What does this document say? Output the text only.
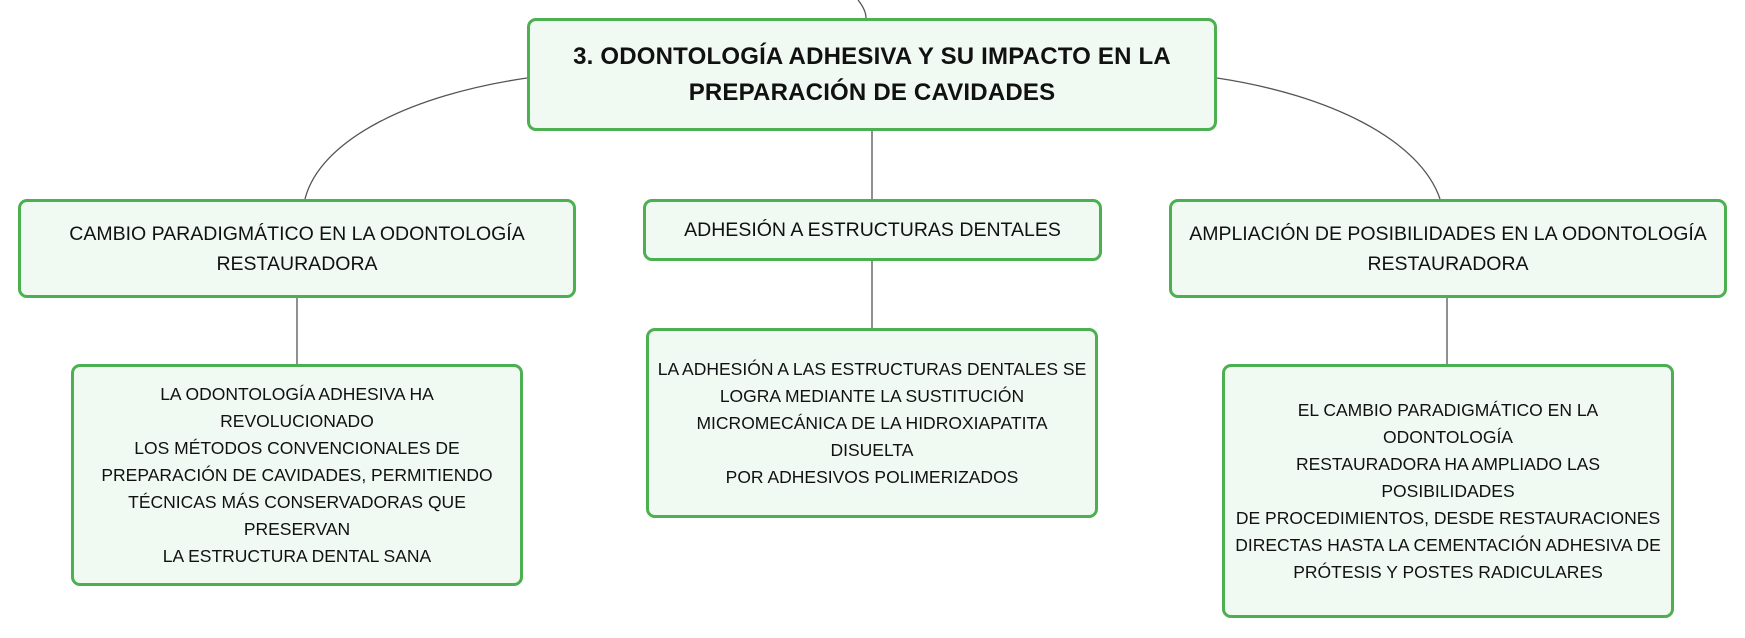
3. ODONTOLOGÍA ADHESIVA Y SU IMPACTO EN LA
PREPARACIÓN DE CAVIDADES
CAMBIO PARADIGMÁTICO EN LA ODONTOLOGÍA
RESTAURADORA
ADHESIÓN A ESTRUCTURAS DENTALES	AMPLIACIÓN DE POSIBILIDADES EN LA ODONTOLOGÍA
RESTAURADORA
LA ODONTOLOGÍA ADHESIVA HA REVOLUCIONADO
LOS MÉTODOS CONVENCIONALES DE
PREPARACIÓN DE CAVIDADES, PERMITIENDO
TÉCNICAS MÁS CONSERVADORAS QUE PRESERVAN
LA ESTRUCTURA DENTAL SANA
LA ADHESIÓN A LAS ESTRUCTURAS DENTALES SE
LOGRA MEDIANTE LA SUSTITUCIÓN
MICROMECÁNICA DE LA HIDROXIAPATITA DISUELTA
POR ADHESIVOS POLIMERIZADOS
EL CAMBIO PARADIGMÁTICO EN LA ODONTOLOGÍA
RESTAURADORA HA AMPLIADO LAS POSIBILIDADES
DE PROCEDIMIENTOS, DESDE RESTAURACIONES
DIRECTAS HASTA LA CEMENTACIÓN ADHESIVA DE
PRÓTESIS Y POSTES RADICULARES
